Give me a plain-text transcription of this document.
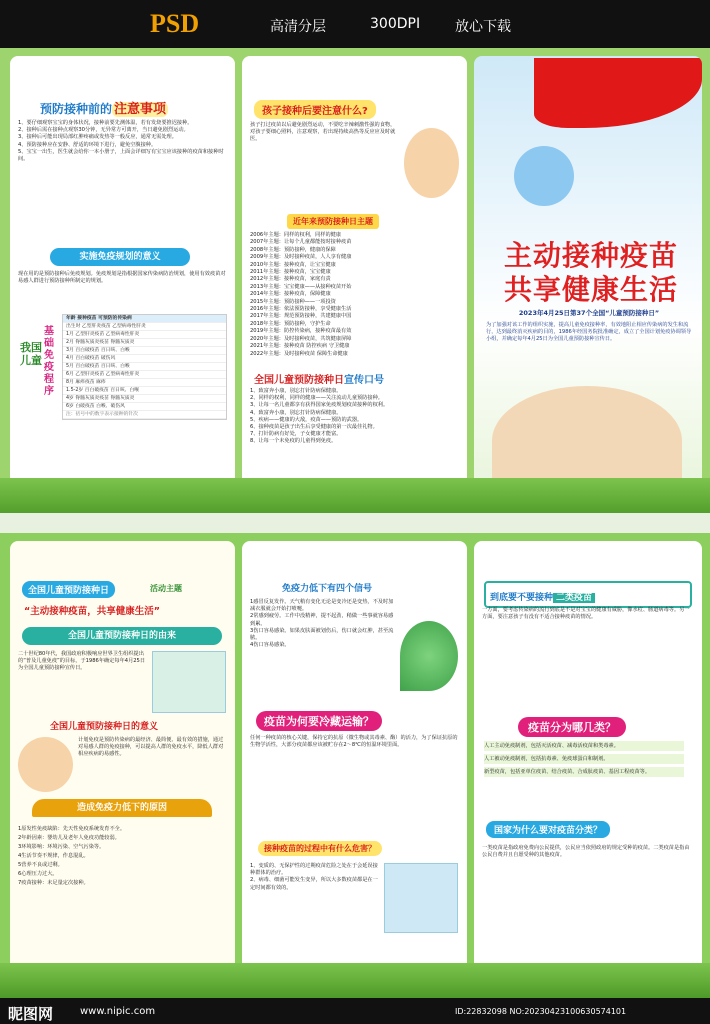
PSD	高清分层	300DPI 放心下载
预防接种前的 注意事项

1、要仔细观察宝宝的身体状况，接种前要先测体温，若有发烧要推迟接种。

2、接种后需在接种点观察30分钟，无异常方可离开，当日避免剧烈运动。

3、接种后可能出现局部红肿疼痛或发热等一般反应，通常无需处理。

4、预防接种应在安静、舒适的环境下进行，避免空腹接种。

5、宝宝一出生，医生就会给你一本小册子，上面会详细写有宝宝应该接种的疫苗和接种时间。

实施免疫规划的意义
现在用的是预防接种后免疫规划。免疫规划是指根据国家传染病防治规划，使用有效疫苗对易感人群进行预防接种所制定的规划。
我国儿童
基础免疫程序
年龄 接种疫苗 可预防的传染病
出生时 乙型肝炎疫苗 乙型病毒性肝炎
1月 乙型肝炎疫苗 乙型病毒性肝炎
2月 脊髓灰质炎疫苗 脊髓灰质炎
3月 百白破疫苗 百日咳、白喉
4月 百白破疫苗 破伤风
5月 百白破疫苗 百日咳、白喉
6月 乙型肝炎疫苗 乙型病毒性肝炎
8月 麻疹疫苗 麻疹
1.5-2岁 百白破疫苗 百日咳、白喉
4岁 脊髓灰质炎疫苗 脊髓灰质炎
6岁 白破疫苗 白喉、破伤风
注：括号中的数字表示接种的针次
孩子接种后要注意什么?
孩子打过疫苗以后避免剧烈运动，不要吃辛辣刺激性强的食物，对孩子要细心照料，注意观察，若出现持续高热等反应应及时就医。
近年来预防接种日主题

2006年主题：同样的权利，同样的健康

2007年主题：让每个儿童都能按时接种疫苗

2008年主题：预防接种，健康的保障

2009年主题：及时接种疫苗，人人享有健康

2010年主题：接种疫苗，让宝宝健康

2011年主题：接种疫苗，宝宝健康

2012年主题：接种疫苗，家庭有责

2013年主题：宝宝健康——从接种疫苗开始

2014年主题：接种疫苗，保障健康

2015年主题：预防接种——一项投资

2016年主题：依法预防接种，享受健康生活

2017年主题：规范预防接种，共建健康中国

2018年主题：预防接种，守护生命

2019年主题：防控传染病，接种疫苗最有效

2020年主题：及时接种疫苗，共筑健康屏障

2021年主题：接种疫苗 防控疾病 守卫健康

2022年主题：及时接种疫苗 保障生命健康

全国儿童预防接种日宣传口号

1、致富奔小康，别忘打针防病保健康。

2、同样的权利，同样的健康——关注流动儿童预防接种。

3、让每一名儿童都享有获得国家免疫规划疫苗接种的权利。

4、致富奔小康，别忘打针防病保健康。

5、疾病——健康的大敌，疫苗——预防的武器。

6、接种疫苗是孩子出生后享受健康的第一次最佳礼物。

7、打针防病有好处，子女健康才能富。

8、让每一个未免疫的儿童得到免疫。

主动接种疫苗
共享健康生活
2023年4月25日第37个全国“儿童预防接种日”
为了加强对该工作的组织实施，提高儿童免疫接种率，有效地阻止相应传染病的发生和流行，达到最终消灭疾病的目的，1986年经国务院批准确定，成立了全国计划免疫协调领导小组，并确定每年4月25日为全国儿童预防接种宣传日。
全国儿童预防接种日	活动主题
“主动接种疫苗，共享健康生活”
全国儿童预防接种日的由来
二十世纪80年代，我国政府积极响应世界卫生组织提出的“普及儿童免疫”的目标，于1986年确定每年4月25日为全国儿童预防接种宣传日。
全国儿童预防接种日的意义
计划免疫是预防传染病的最经济、最简便、最有效的措施，通过对易感人群的免疫接种，可以提高人群的免疫水平，降低人群对相应疾病的易感性。
造成免疫力低下的原因

1原发性免疫缺陷：先天性免疫系统发育不全。

2年龄因素：婴幼儿及老年人免疫功能较弱。

3环境影响：环境污染、空气污染等。

4生活节奏不规律，作息混乱。

5营养不良或过剩。

6心理压力过大。

7疫苗接种：未足量定次接种。

免疫力低下有四个信号

1感冒反复发作。天气稍有变化无论是变冷还是变热，不及时加减衣服就会开始打喷嚏。

2常感到疲劳。工作中没精神，提不起劲，稍做一些事就容易感到累。

3伤口容易感染。如果皮肤面被划伤后，伤口就会红肿，甚至流脓。

4伤口容易感染。

疫苗为何要冷藏运输？
任何一种疫苗的核心关键，保持它的抗原（微生物或其毒素、酶）的活力，为了保证抗原的生物学活性，大部分疫苗都应该被贮存在2～8℃的恒温环境里面。
接种疫苗的过程中有什么危害？

1、变质的、无保护性的过期疫苗危险之处在于会延误接种群体的治疗。

2、病毒、细菌可能发生变异，所以大多数疫苗都是在一定时间都有效的。

到底要不要接种 二类疫苗
一方面，要考虑传染病的流行到底是不是对宝宝的健康有威胁，像水痘、肠道病毒等。另一方面，要注意孩子有没有不适合接种疫苗的情况。
疫苗分为哪几类？

人工主动免疫制剂，包括灭活疫苗、减毒活疫苗和类毒素。

人工被动免疫制剂，包括抗毒素、免疫球蛋白和制剂。

新型疫苗，包括亚单位疫苗、结合疫苗、合成肽疫苗、基因工程疫苗等。

国家为什么要对疫苗分类？
一类疫苗是指政府免费向公民提供，公民应当依照政府的规定受种的疫苗。二类疫苗是指由公民自费并且自愿受种的其他疫苗。
昵图网	www.nipic.com	ID:22832098 NO:20230423100630574101
